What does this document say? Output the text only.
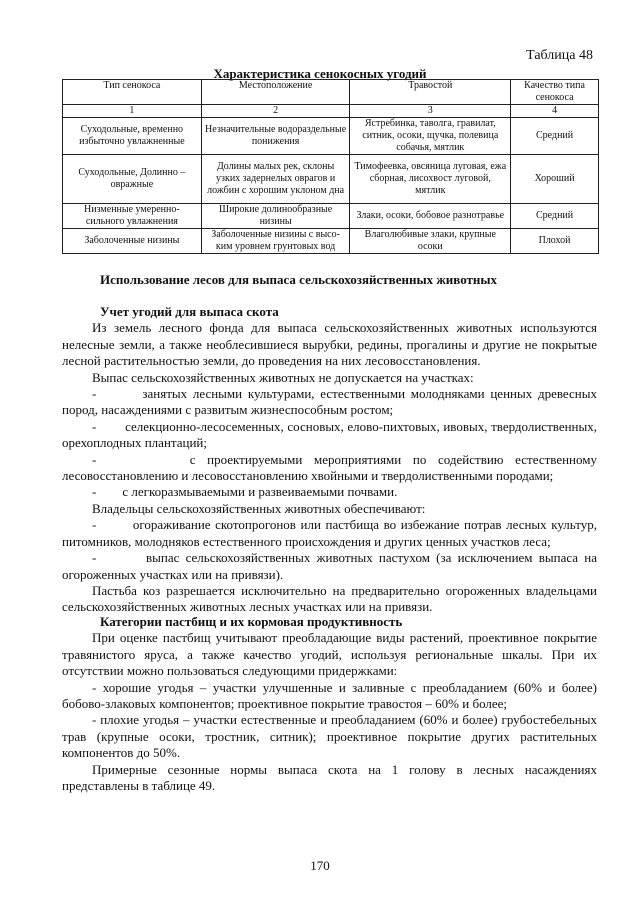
Таблица 48
Характеристика сенокосных угодий
Тип сенокоса	Местоположение	Травостой	Качество типа сенокоса
1	2	3	4
Суходольные, временно избыточно увлажненные	Незначительные водораздельные понижения	Ястребинка, таволга, гравилат, ситник, осоки, щучка, полевица собачья, мятлик	Средний
Суходольные, Долинно – овражные	Долины малых рек, склоны узких задернелых оврагов и ложбин с хорошим уклоном дна	Тимофеевка, овсяница луговая, ежа сборная, лисохвост луговой, мятлик	Хороший
Низменные умеренно-сильного увлажнения	Широкие долинообразные низины	Злаки, осоки, бобовое разнотравье	Средний
Заболоченные низины	Заболоченные низины с высо-ким уровнем грунтовых вод	Влаголюбивые злаки, крупные осоки	Плохой

Использование лесов для выпаса сельскохозяйственных животных

Учет угодий для выпаса скота

Из земель лесного фонда для выпаса сельскохозяйственных животных используются нелесные земли, а также необлесившиеся вырубки, редины, прогалины и другие не покрытые лесной растительностью земли, до проведения на них лесовосстановления.

Выпас сельскохозяйственных животных не допускается на участках:

-        занятых лесными культурами, естественными молодняками ценных древесных пород, насаждениями с развитым жизнеспособным ростом;

-        селекционно-лесосеменных, сосновых, елово-пихтовых, ивовых, твердолиственных, орехоплодных плантаций;

-        с проектируемыми мероприятиями по содействию естественному лесовосстановлению и лесовосстановлению хвойными и твердолиственными породами;

-        с легкоразмываемыми и развеиваемыми почвами.

Владельцы сельскохозяйственных животных обеспечивают:

-        огораживание скотопрогонов или пастбища во избежание потрав лесных культур, питомников, молодняков естественного происхождения и других ценных участков леса;

-        выпас сельскохозяйственных животных пастухом (за исключением выпаса на огороженных участках или на привязи).

Пастьба коз разрешается исключительно на предварительно огороженных владельцами сельскохозяйственных животных лесных участках или на привязи.

Категории пастбищ и их кормовая продуктивность

При оценке пастбищ учитывают преобладающие виды растений, проективное покрытие травянистого яруса, а также качество угодий, используя региональные шкалы. При их отсутствии можно пользоваться следующими придержками:

- хорошие угодья – участки улучшенные и заливные с преобладанием (60% и более) бобово-злаковых компонентов; проективное покрытие травостоя – 60% и более;

- плохие угодья – участки естественные и преобладанием (60% и более) грубостебельных трав (крупные осоки, тростник, ситник); проективное покрытие других растительных компонентов до 50%.

Примерные сезонные нормы выпаса скота на 1 голову в лесных насаждениях представлены в таблице 49.

170
